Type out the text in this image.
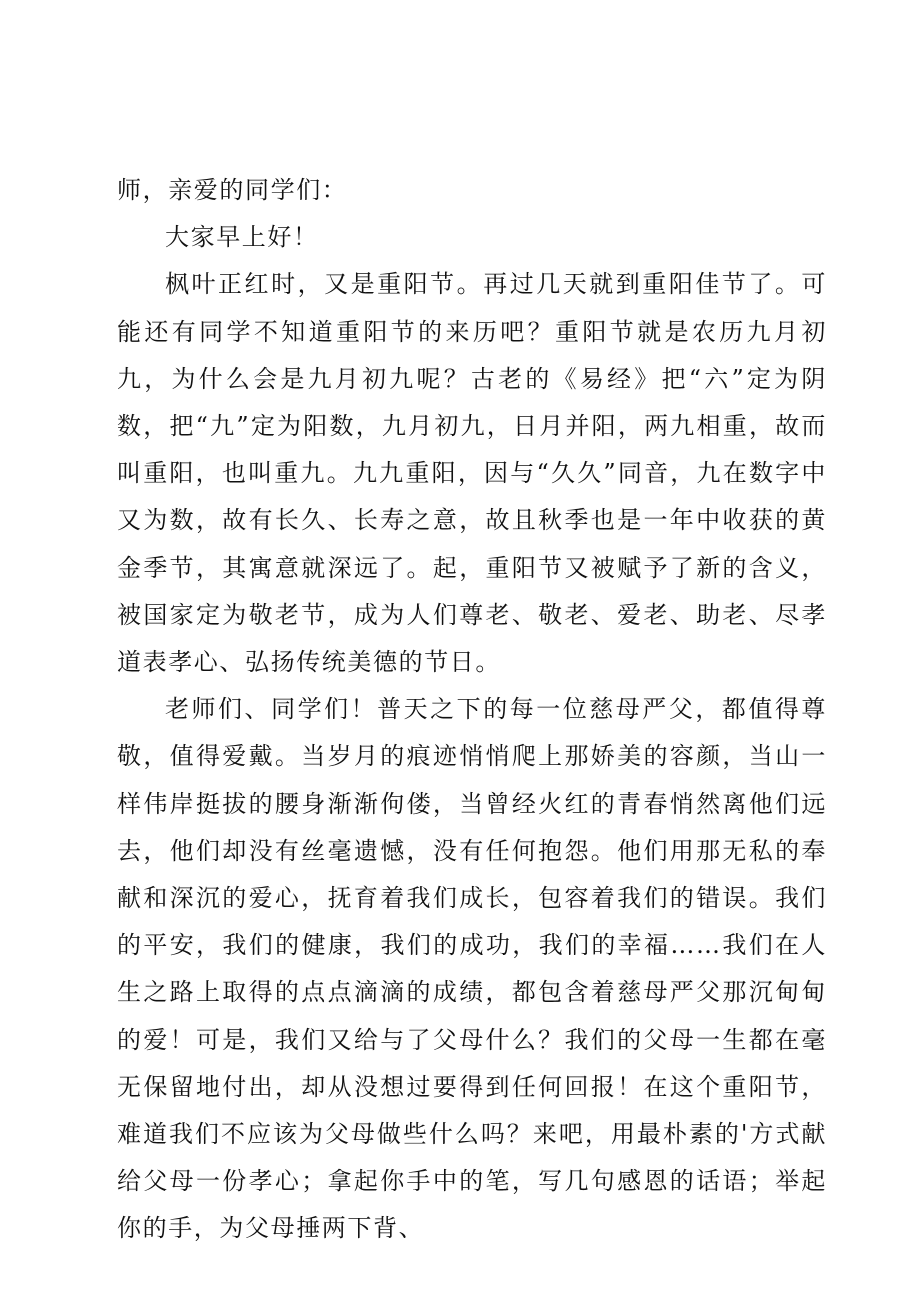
师，亲爱的同学们：

大家早上好！

枫叶正红时，又是重阳节。再过几天就到重阳佳节了。可能还有同学不知道重阳节的来历吧？重阳节就是农历九月初九，为什么会是九月初九呢？古老的《易经》把“六”定为阴数，把“九”定为阳数，九月初九，日月并阳，两九相重，故而叫重阳，也叫重九。九九重阳，因与“久久”同音，九在数字中又为数，故有长久、长寿之意，故且秋季也是一年中收获的黄金季节，其寓意就深远了。起，重阳节又被赋予了新的含义，被国家定为敬老节，成为人们尊老、敬老、爱老、助老、尽孝道表孝心、弘扬传统美德的节日。

老师们、同学们！普天之下的每一位慈母严父，都值得尊敬，值得爱戴。当岁月的痕迹悄悄爬上那娇美的容颜，当山一样伟岸挺拔的腰身渐渐佝偻，当曾经火红的青春悄然离他们远去，他们却没有丝毫遗憾，没有任何抱怨。他们用那无私的奉献和深沉的爱心，抚育着我们成长，包容着我们的错误。我们的平安，我们的健康，我们的成功，我们的幸福……我们在人生之路上取得的点点滴滴的成绩，都包含着慈母严父那沉甸甸的爱！可是，我们又给与了父母什么？我们的父母一生都在毫无保留地付出，却从没想过要得到任何回报！在这个重阳节，难道我们不应该为父母做些什么吗？来吧，用最朴素的'方式献给父母一份孝心；拿起你手中的笔，写几句感恩的话语；举起你的手，为父母捶两下背、
